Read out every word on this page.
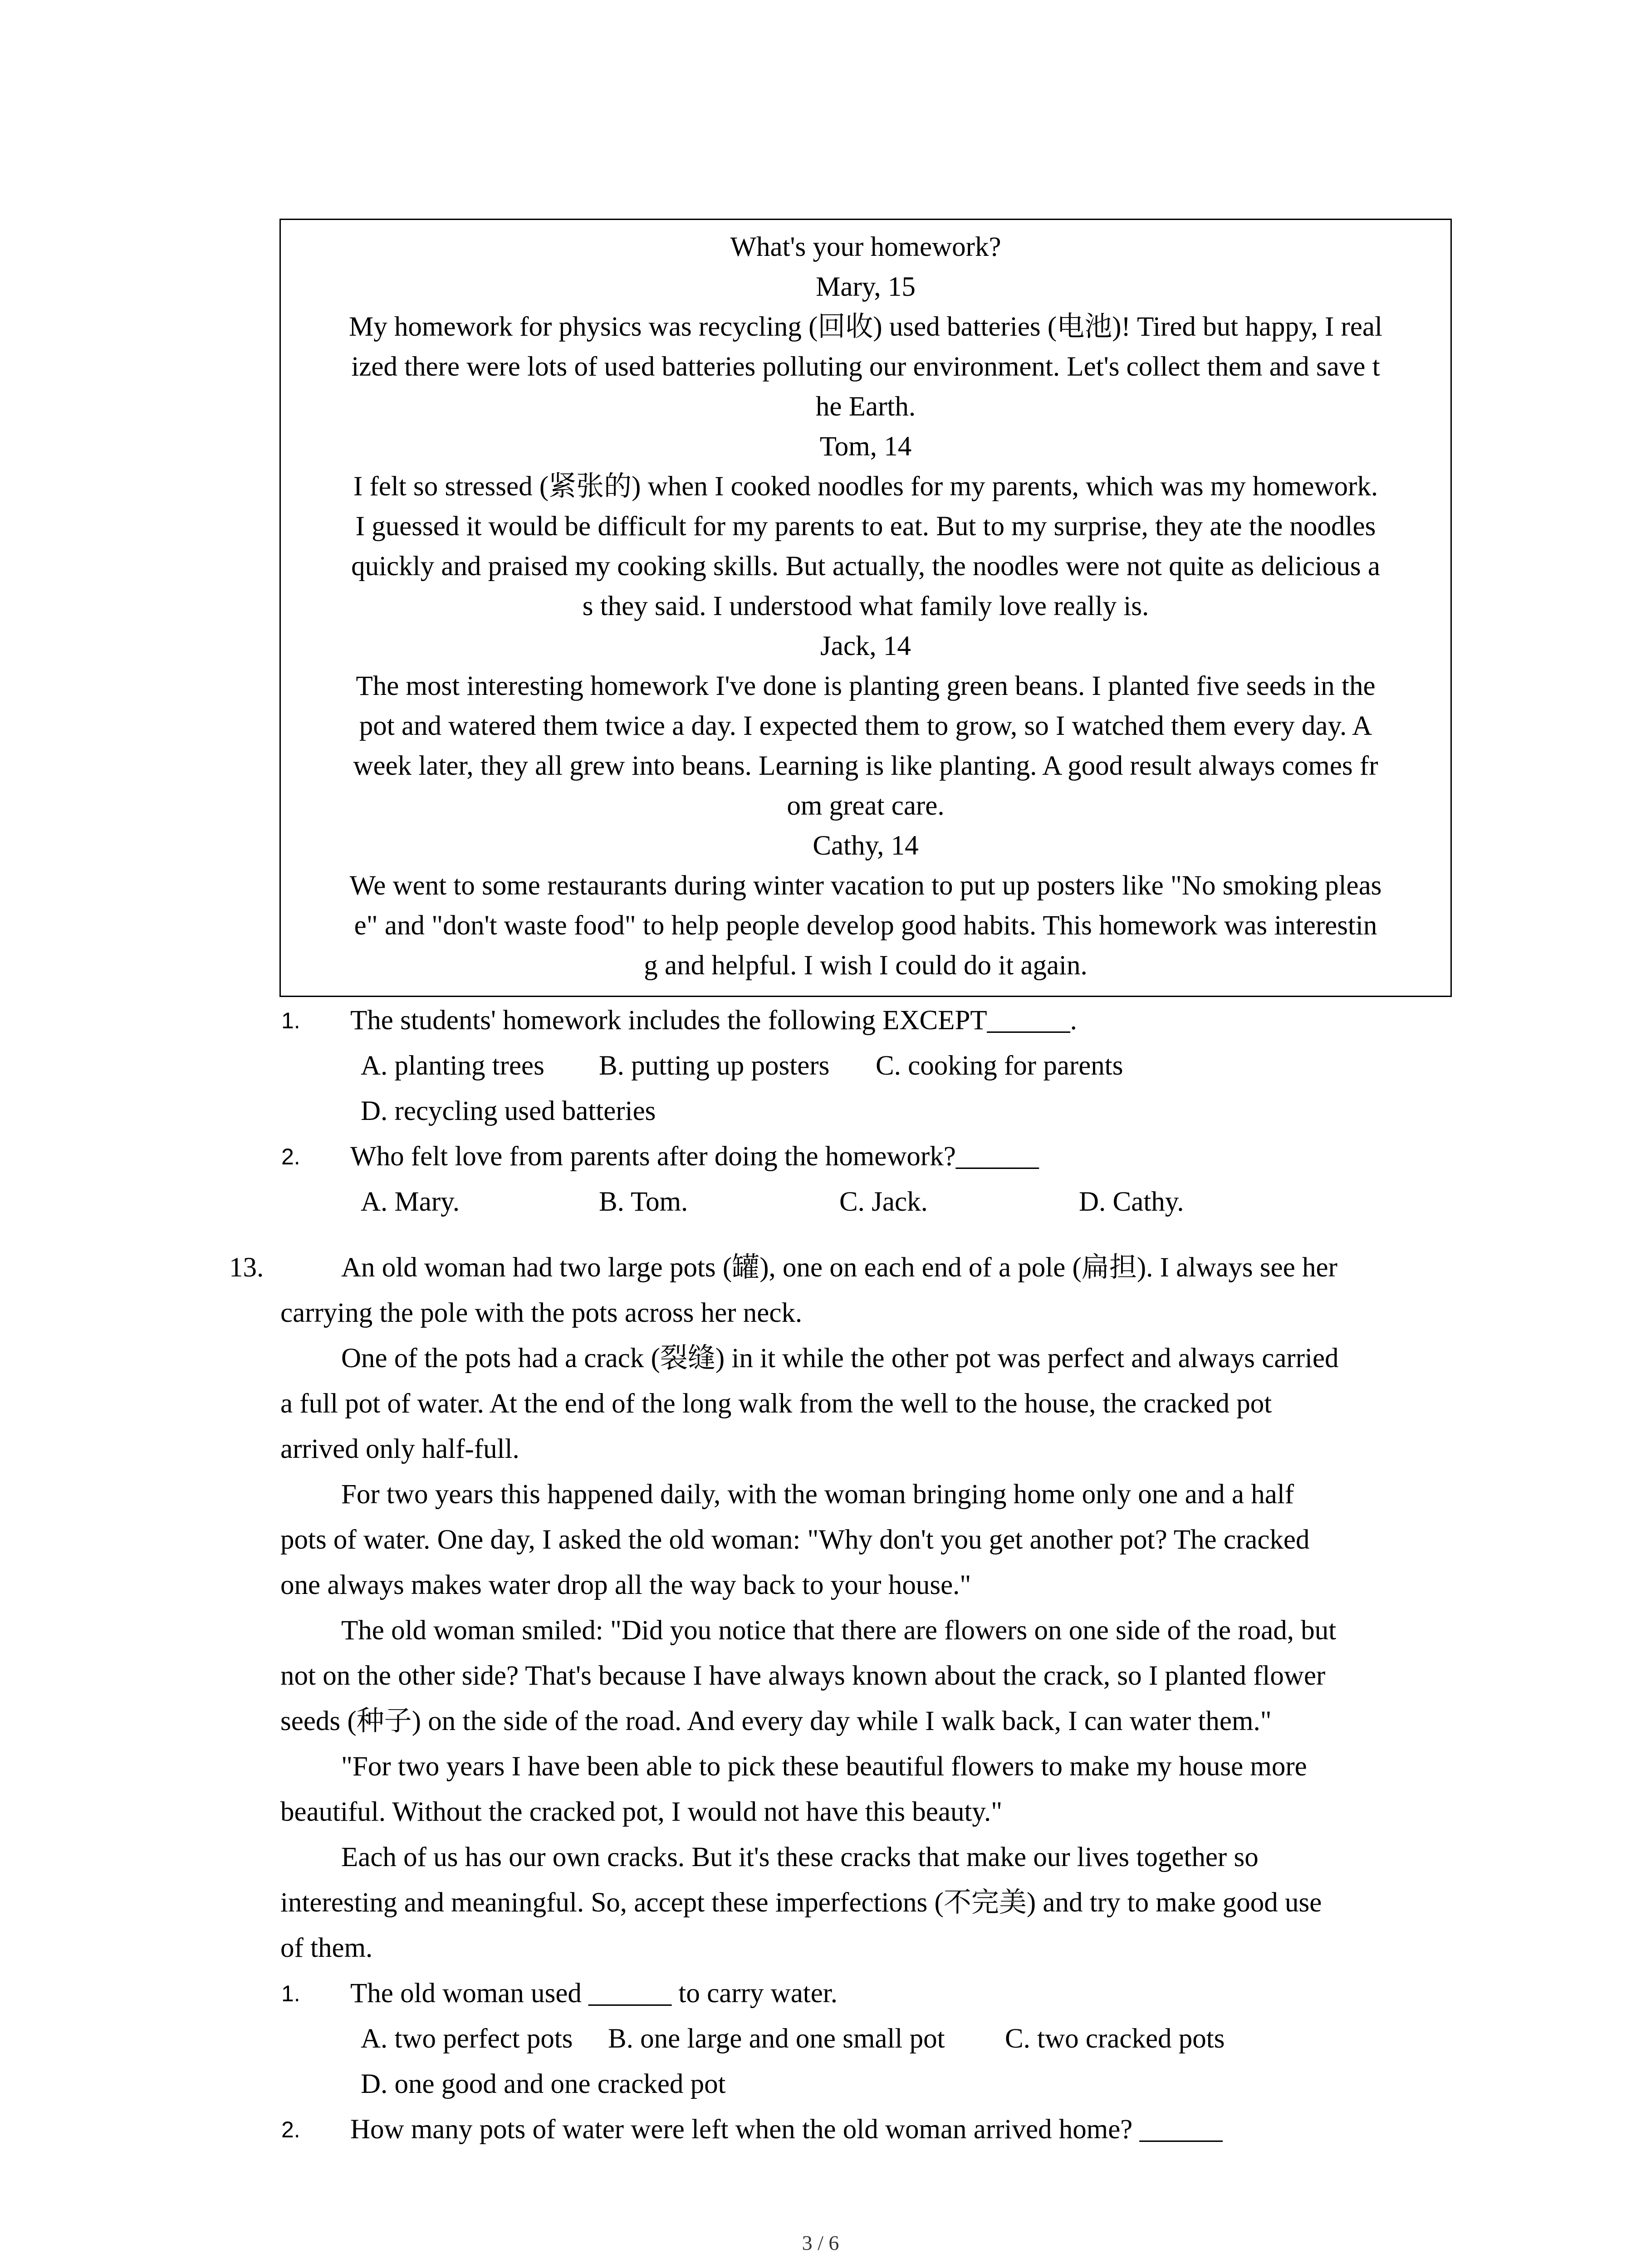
What's your homework?
Mary, 15
My homework for physics was recycling (回收) used batteries (电池)! Tired but happy, I real
ized there were lots of used batteries polluting our environment. Let's collect them and save t
he Earth.
Tom, 14
I felt so stressed (紧张的) when I cooked noodles for my parents, which was my homework.
I guessed it would be difficult for my parents to eat. But to my surprise, they ate the noodles
quickly and praised my cooking skills. But actually, the noodles were not quite as delicious a
s they said. I understood what family love really is.
Jack, 14
The most interesting homework I've done is planting green beans. I planted five seeds in the
pot and watered them twice a day. I expected them to grow, so I watched them every day. A
week later, they all grew into beans. Learning is like planting. A good result always comes fr
om great care.
Cathy, 14
We went to some restaurants during winter vacation to put up posters like "No smoking pleas
e" and "don't waste food" to help people develop good habits. This homework was interestin
g and helpful. I wish I could do it again.
1. The students' homework includes the following EXCEPT______.
A. planting trees B. putting up posters C. cooking for parents
D. recycling used batteries
2. Who felt love from parents after doing the homework?______
A. Mary.	B. Tom.	C. Jack.	D. Cathy.
13.	An old woman had two large pots (罐), one on each end of a pole (扁担). I always see her
carrying the pole with the pots across her neck.
One of the pots had a crack (裂缝) in it while the other pot was perfect and always carried
a full pot of water. At the end of the long walk from the well to the house, the cracked pot
arrived only half-full.
For two years this happened daily, with the woman bringing home only one and a half
pots of water. One day, I asked the old woman: "Why don't you get another pot? The cracked
one always makes water drop all the way back to your house."
The old woman smiled: "Did you notice that there are flowers on one side of the road, but
not on the other side? That's because I have always known about the crack, so I planted flower
seeds (种子) on the side of the road. And every day while I walk back, I can water them."
"For two years I have been able to pick these beautiful flowers to make my house more
beautiful. Without the cracked pot, I would not have this beauty."
Each of us has our own cracks. But it's these cracks that make our lives together so
interesting and meaningful. So, accept these imperfections (不完美) and try to make good use
of them.
1. The old woman used ______ to carry water.
A. two perfect pots B. one large and one small pot C. two cracked pots
D. one good and one cracked pot
2. How many pots of water were left when the old woman arrived home? ______
3 / 6
